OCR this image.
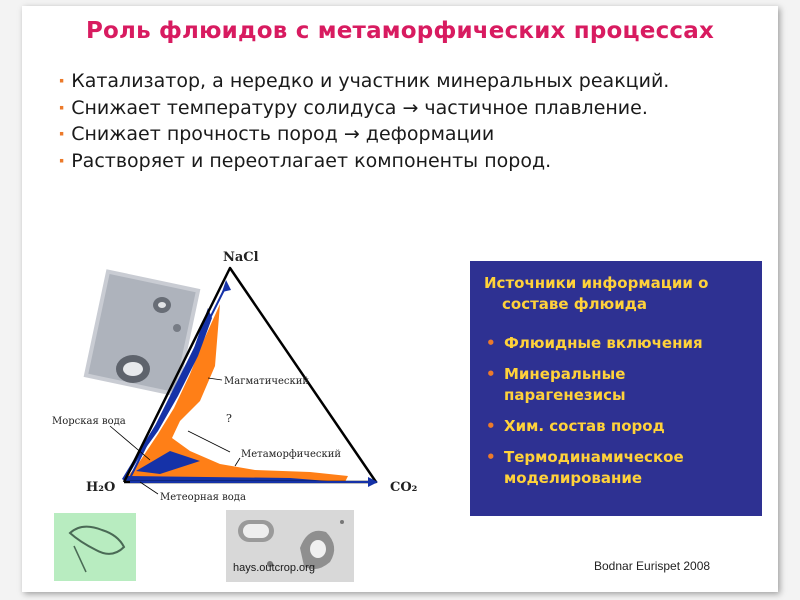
Роль флюидов с метаморфических процессах
· Катализатор, а нередко и участник минеральных реакций.
· Снижает температуру солидуса → частичное плавление.
· Снижает прочность пород → деформации
· Растворяет и переотлагает компоненты пород.
NaCl
H₂O	CO₂
Магматический
Метаморфический
Морская вода
Метеорная вода
?
hays.outcrop.org
Источники информации о
составе флюида
• Флюидные включения
• Минеральные парагенезисы
• Хим. состав пород
• Термодинамическое моделирование
Bodnar Eurispet 2008
